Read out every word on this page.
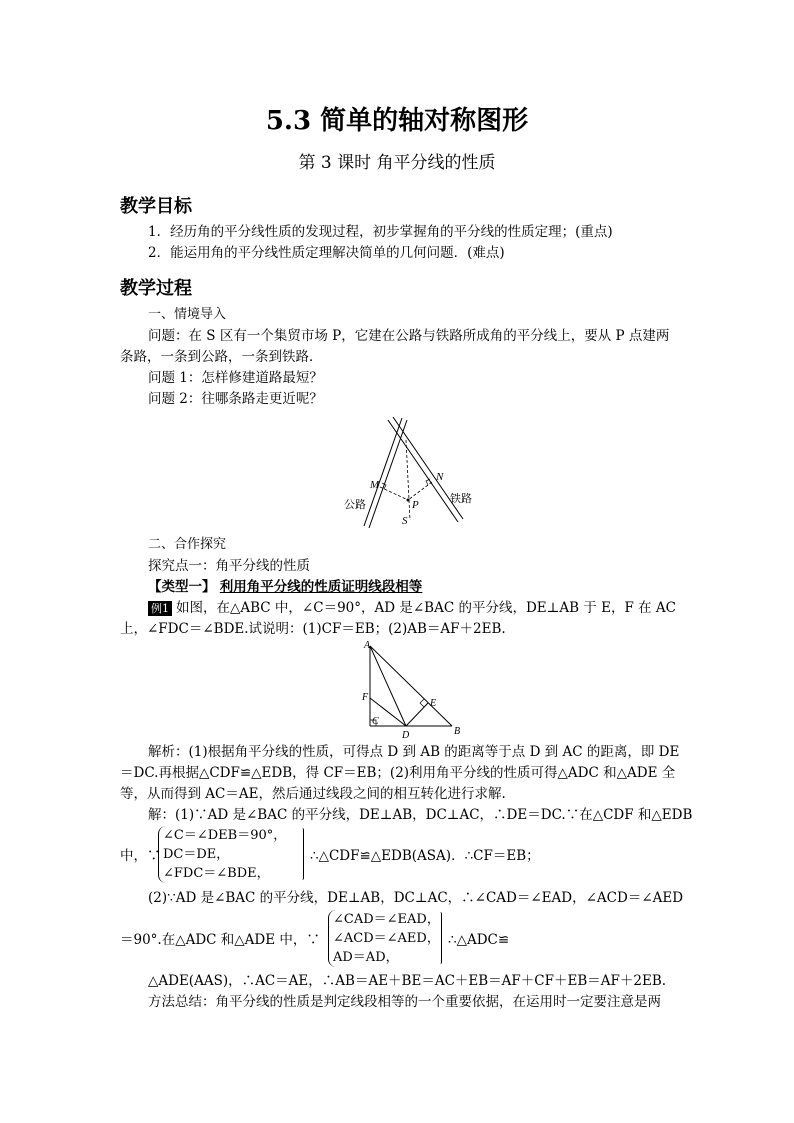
5.3 简单的轴对称图形
第 3 课时 角平分线的性质
教学目标
1．经历角的平分线性质的发现过程，初步掌握角的平分线的性质定理；(重点)
2．能运用角的平分线性质定理解决简单的几何问题．(难点)
教学过程
一、情境导入
问题：在 S 区有一个集贸市场 P，它建在公路与铁路所成角的平分线上，要从 P 点建两
条路，一条到公路，一条到铁路．
问题 1：怎样修建道路最短？
问题 2：往哪条路走更近呢？
M
N
P
S
公路	铁路
二、合作探究
探究点一：角平分线的性质
【类型一】 利用角平分线的性质证明线段相等
例1 如图，在△ABC 中，∠C＝90°，AD 是∠BAC 的平分线，DE⊥AB 于 E，F 在 AC
上，∠FDC＝∠BDE.试说明：(1)CF＝EB；(2)AB＝AF＋2EB.
A
B
C
D
E
F
解析：(1)根据角平分线的性质，可得点 D 到 AB 的距离等于点 D 到 AC 的距离，即 DE
＝DC.再根据△CDF≌△EDB，得 CF＝EB；(2)利用角平分线的性质可得△ADC 和△ADE 全
等，从而得到 AC＝AE，然后通过线段之间的相互转化进行求解.
解：(1)∵AD 是∠BAC 的平分线，DE⊥AB，DC⊥AC，∴DE＝DC.∵在△CDF 和△EDB
中，∵
∠C＝∠DEB＝90°，
DC＝DE，
∠FDC＝∠BDE，
∴△CDF≌△EDB(ASA)．∴CF＝EB；
(2)∵AD 是∠BAC 的平分线，DE⊥AB，DC⊥AC，∴∠CAD＝∠EAD，∠ACD＝∠AED
＝90°.在△ADC 和△ADE 中，∵
∠CAD＝∠EAD，
∠ACD＝∠AED，
AD＝AD，
∴△ADC≌
△ADE(AAS)，∴AC＝AE，∴AB＝AE＋BE＝AC＋EB＝AF＋CF＋EB＝AF＋2EB.
方法总结：角平分线的性质是判定线段相等的一个重要依据，在运用时一定要注意是两
